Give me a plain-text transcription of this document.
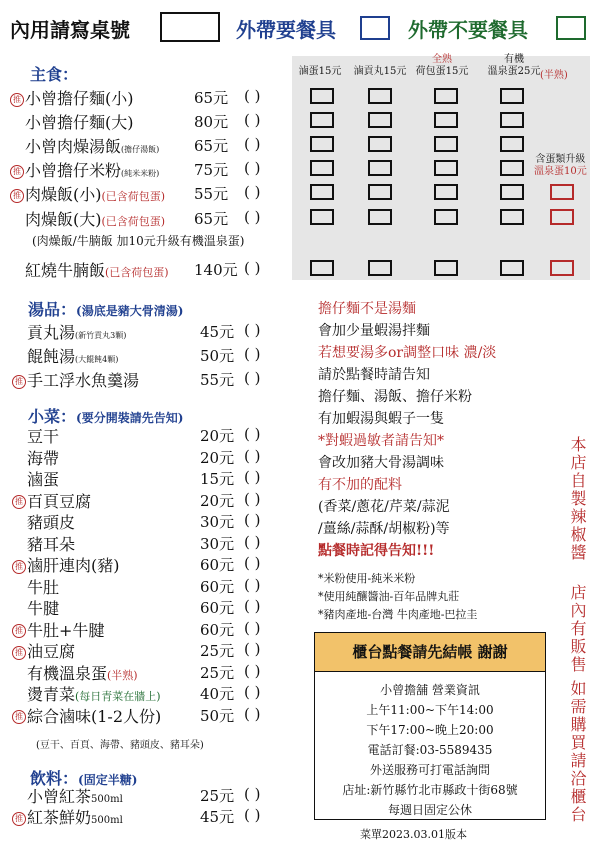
內用請寫桌號	外帶要餐具	外帶不要餐具
滷蛋15元	滷貢丸15元
全熟
荷包蛋15元
有機
溫泉蛋25元 (半熟)
含蛋類升級
溫泉蛋10元
主食：
推 小曾擔仔麵(小)	65元 ( )
小曾擔仔麵(大)	80元 ( )
小曾肉燥湯飯(擔仔湯飯) 65元 ( )
推 小曾擔仔米粉(純米米粉) 75元 ( )
推 肉燥飯(小)(已含荷包蛋) 55元 ( )
肉燥飯(大)(已含荷包蛋) 65元 ( )
紅燒牛腩飯(已含荷包蛋) 140元 ( )
(肉燥飯/牛腩飯 加10元升級有機溫泉蛋)
湯品：(湯底是豬大骨清湯)
貢丸湯(新竹貢丸3顆)	45元 ( )
餛飩湯(大餛飩4顆)	50元 ( )
推 手工浮水魚羹湯	55元 ( )
小菜：(要分開裝請先告知)
豆干	20元 ( )
海帶	20元 ( )
滷蛋	15元 ( )
推 百頁豆腐	20元 ( )
豬頭皮	30元 ( )
豬耳朵	30元 ( )
推 滷肝連肉(豬)	60元 ( )
牛肚	60元 ( )
牛腱	60元 ( )
推 牛肚+牛腱	60元 ( )
推 油豆腐	25元 ( )
有機溫泉蛋(半熟)	25元 ( )
燙青菜(每日青菜在牆上)	40元 ( )
推 綜合滷味(1-2人份)	50元 ( )
(豆干、百頁、海帶、豬頭皮、豬耳朵)
飲料：(固定半糖)
小曾紅茶500ml	25元 ( )
推 紅茶鮮奶500ml	45元 ( )
擔仔麵不是湯麵
會加少量蝦湯拌麵
若想要湯多or調整口味 濃/淡
請於點餐時請告知
擔仔麵、湯飯、擔仔米粉
有加蝦湯與蝦子一隻
*對蝦過敏者請告知*
會改加豬大骨湯調味
有不加的配料
(香菜/蔥花/芹菜/蒜泥
/薑絲/蒜酥/胡椒粉)等
點餐時記得告知!!!
*米粉使用-純米米粉
*使用純釀醬油-百年品牌丸莊
*豬肉產地-台灣 牛肉產地-巴拉圭
櫃台點餐請先結帳 謝謝
小曾擔舖 營業資訊
上午11:00~下午14:00
下午17:00~晚上20:00
電話訂餐:03-5589435
外送服務可打電話詢問
店址:新竹縣竹北市縣政十街68號
每週日固定公休
菜單2023.03.01版本
本店自製辣椒醬
店內有販售
如需購買請洽櫃台
